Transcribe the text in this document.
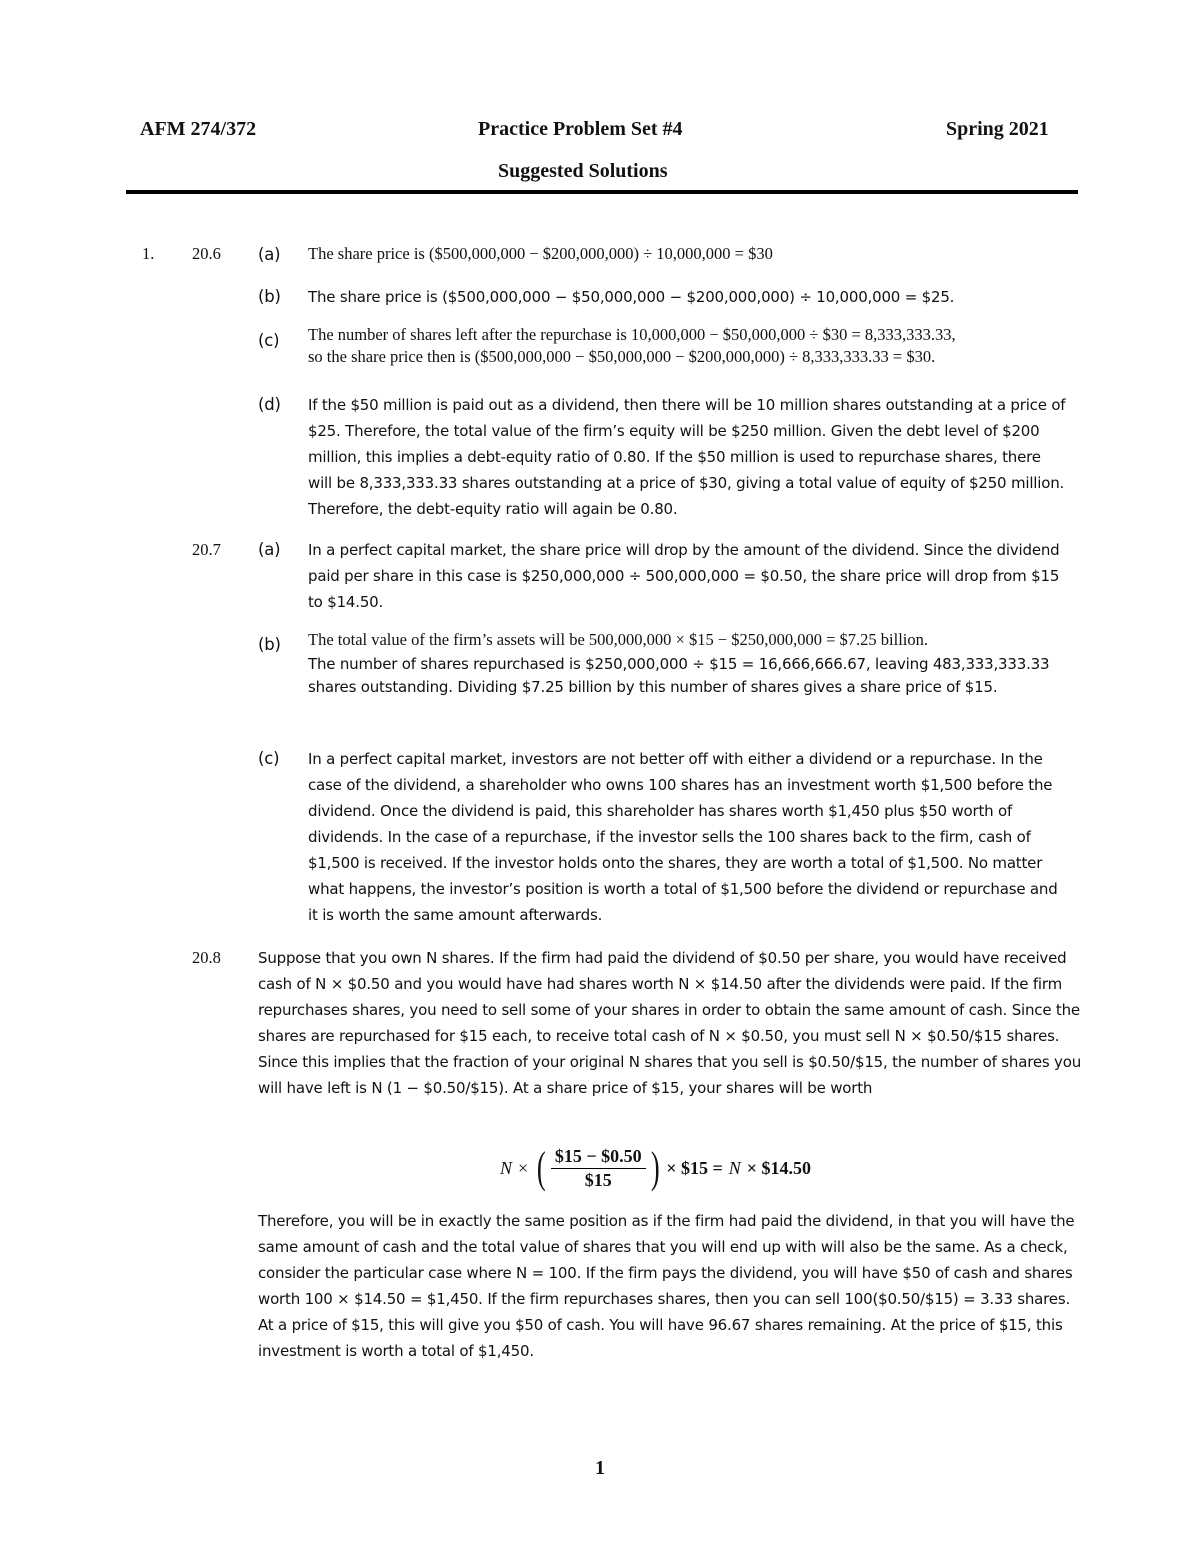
AFM 274/372	Practice Problem Set #4	Spring 2021
Suggested Solutions
1. 20.6 (a) The share price is ($500,000,000 − $200,000,000) ÷ 10,000,000 = $30
(b) The share price is ($500,000,000 − $50,000,000 − $200,000,000) ÷ 10,000,000 = $25.
(c) The number of shares left after the repurchase is 10,000,000 − $50,000,000 ÷ $30 = 8,333,333.33,
so the share price then is ($500,000,000 − $50,000,000 − $200,000,000) ÷ 8,333,333.33 = $30.
(d) If the $50 million is paid out as a dividend, then there will be 10 million shares outstanding at a price of $25. Therefore, the total value of the firm’s equity will be $250 million. Given the debt level of $200 million, this implies a debt-equity ratio of 0.80. If the $50 million is used to repurchase shares, there will be 8,333,333.33 shares outstanding at a price of $30, giving a total value of equity of $250 million. Therefore, the debt-equity ratio will again be 0.80.
20.7 (a) In a perfect capital market, the share price will drop by the amount of the dividend. Since the dividend paid per share in this case is $250,000,000 ÷ 500,000,000 = $0.50, the share price will drop from $15 to $14.50.
(b) The total value of the firm’s assets will be 500,000,000 × $15 − $250,000,000 = $7.25 billion.
The number of shares repurchased is $250,000,000 ÷ $15 = 16,666,666.67, leaving 483,333,333.33 shares outstanding. Dividing $7.25 billion by this number of shares gives a share price of $15.
(c) In a perfect capital market, investors are not better off with either a dividend or a repurchase. In the case of the dividend, a shareholder who owns 100 shares has an investment worth $1,500 before the dividend. Once the dividend is paid, this shareholder has shares worth $1,450 plus $50 worth of dividends. In the case of a repurchase, if the investor sells the 100 shares back to the firm, cash of $1,500 is received. If the investor holds onto the shares, they are worth a total of $1,500. No matter what happens, the investor’s position is worth a total of $1,500 before the dividend or repurchase and it is worth the same amount afterwards.
20.8 Suppose that you own N shares. If the firm had paid the dividend of $0.50 per share, you would have received cash of N × $0.50 and you would have had shares worth N × $14.50 after the dividends were paid. If the firm repurchases shares, you need to sell some of your shares in order to obtain the same amount of cash. Since the shares are repurchased for $15 each, to receive total cash of N × $0.50, you must sell N × $0.50/$15 shares. Since this implies that the fraction of your original N shares that you sell is $0.50/$15, the number of shares you will have left is N (1 − $0.50/$15). At a share price of $15, your shares will be worth
N × ( $\frac{\$15 - \$0.50}{\$15}$ ) × $15 = N × $14.50
Therefore, you will be in exactly the same position as if the firm had paid the dividend, in that you will have the same amount of cash and the total value of shares that you will end up with will also be the same. As a check, consider the particular case where N = 100. If the firm pays the dividend, you will have $50 of cash and shares worth 100 × $14.50 = $1,450. If the firm repurchases shares, then you can sell 100($0.50/$15) = 3.33 shares. At a price of $15, this will give you $50 of cash. You will have 96.67 shares remaining. At the price of $15, this investment is worth a total of $1,450.
1
